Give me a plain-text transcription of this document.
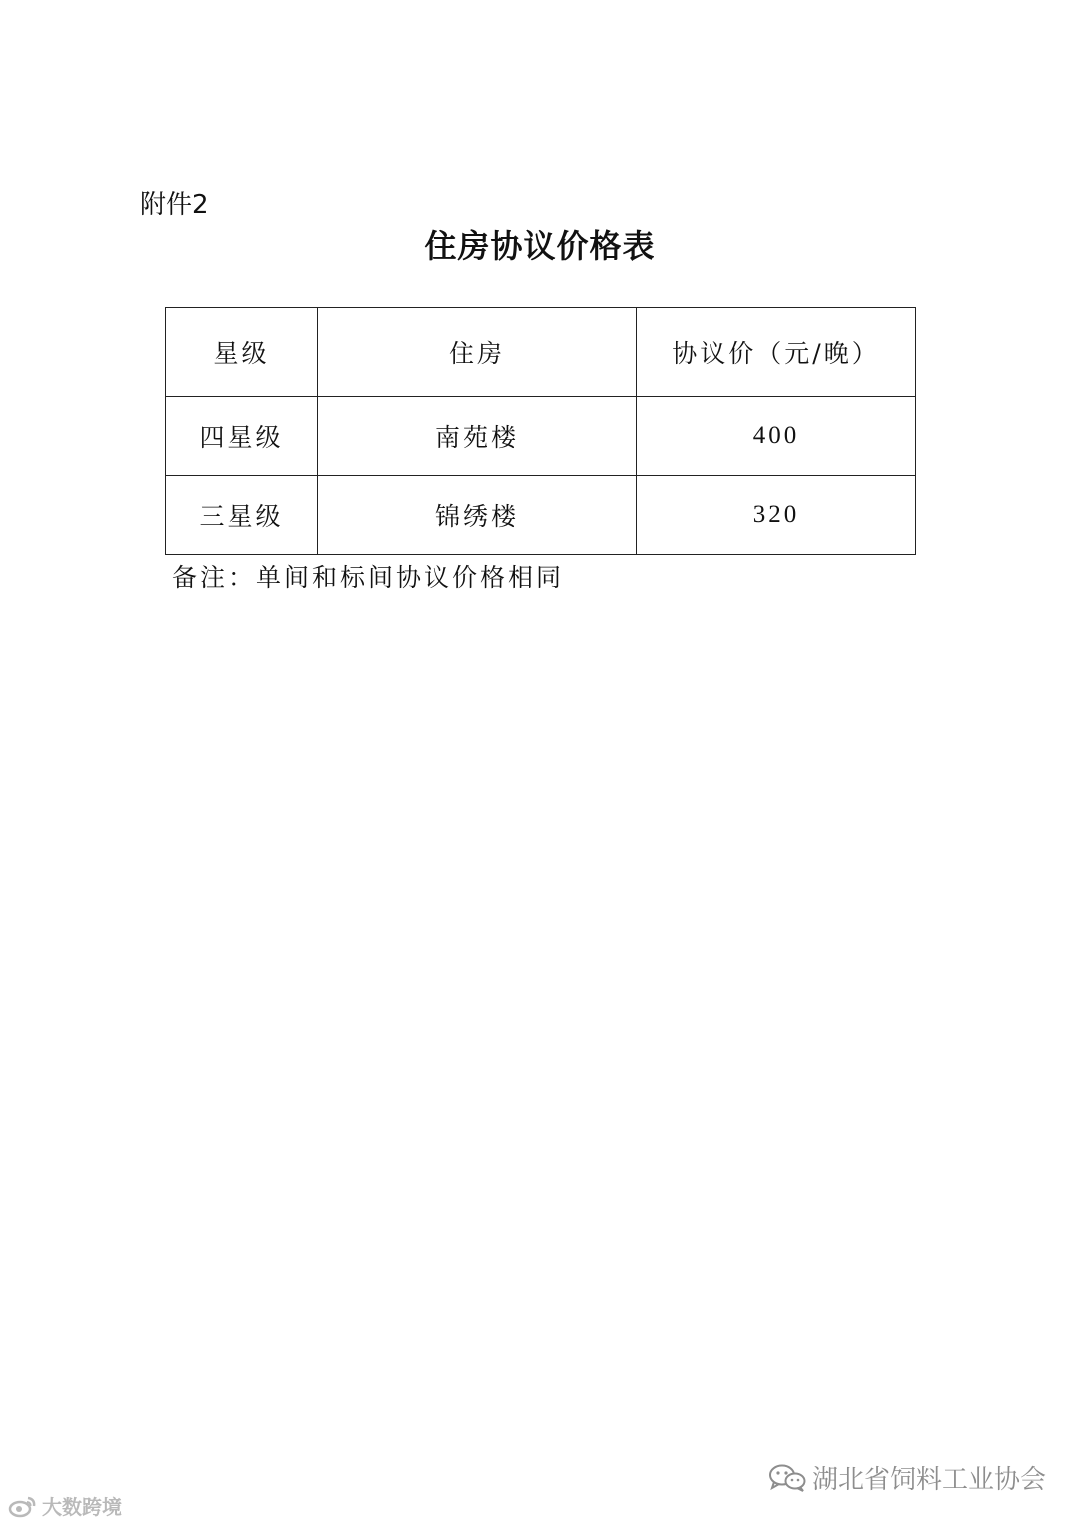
附件2
住房协议价格表
星级	住房	协议价（元/晚）
四星级	南苑楼	400
三星级	锦绣楼	320
备注：单间和标间协议价格相同
大数跨境
湖北省饲料工业协会
